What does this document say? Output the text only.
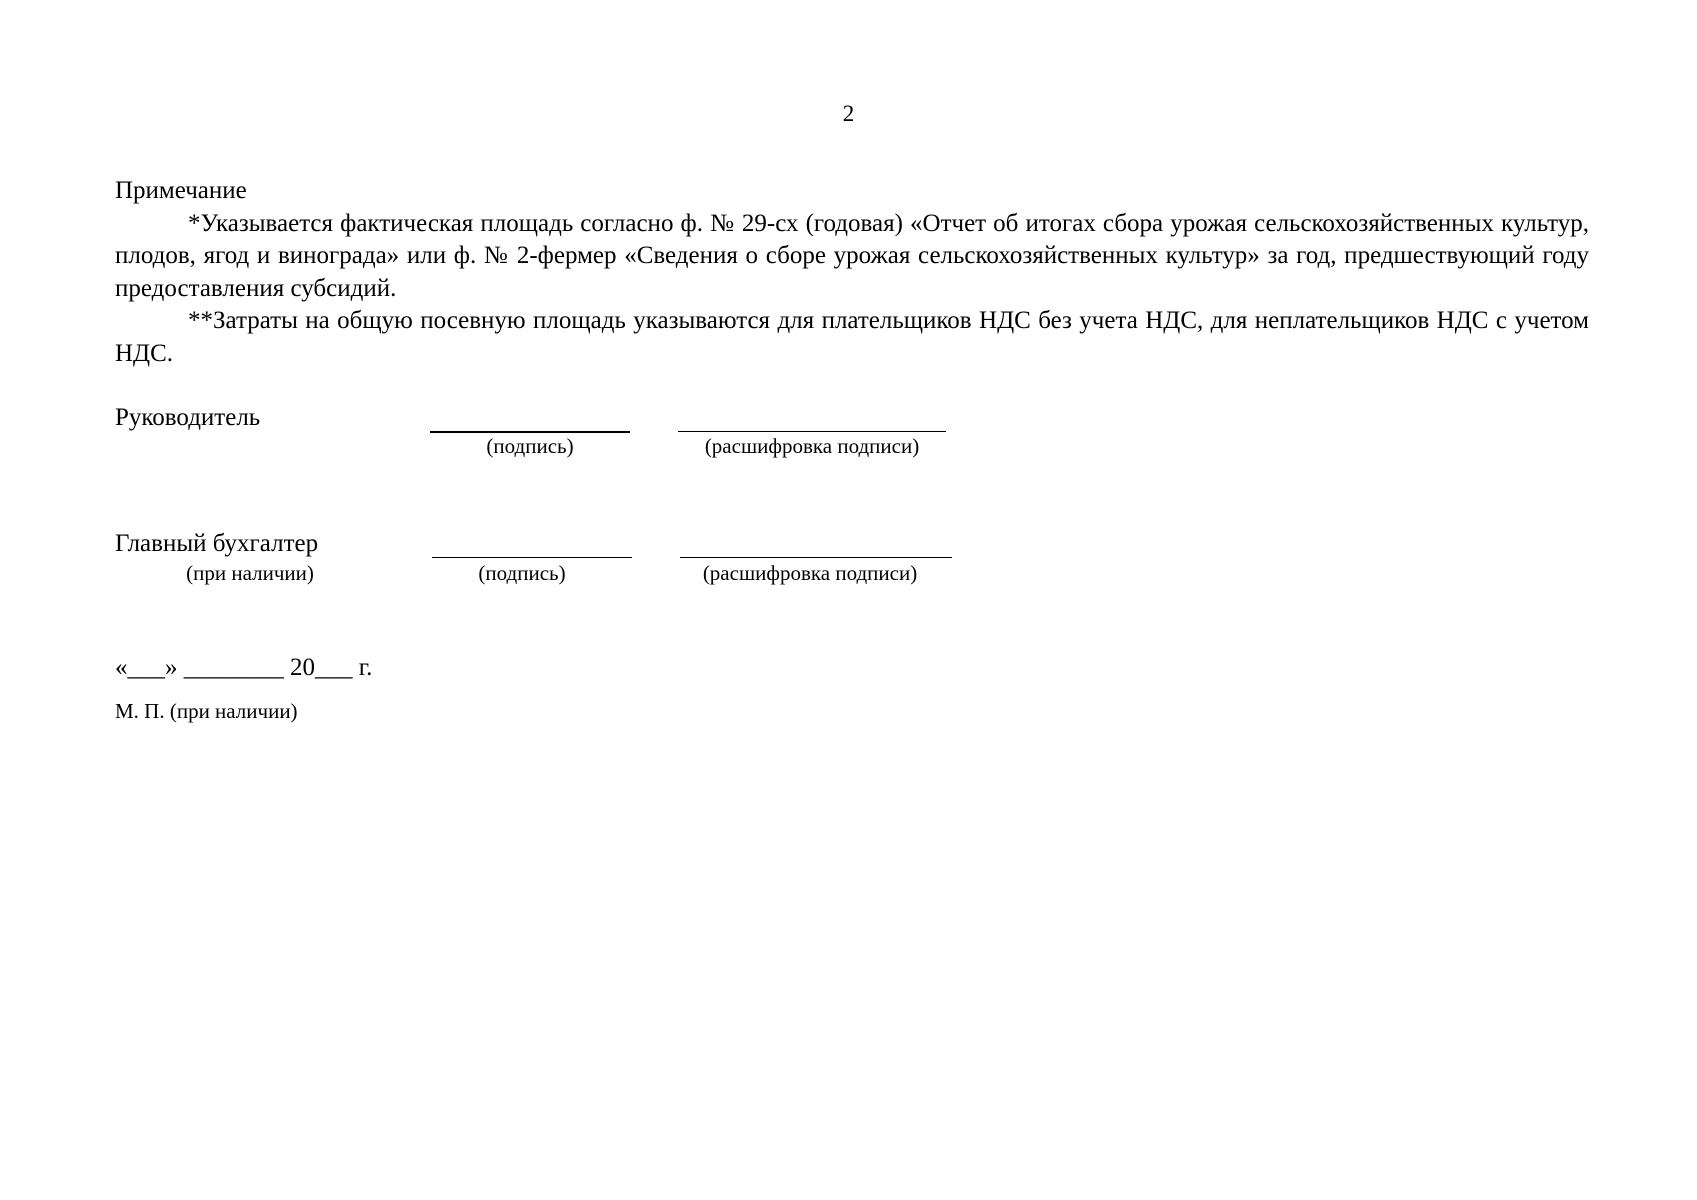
2

Примечание

*Указывается фактическая площадь согласно ф. № 29-сх (годовая) «Отчет об итогах сбора урожая сельскохозяйственных культур, плодов, ягод и винограда» или ф. № 2-фермер «Сведения о сборе урожая сельскохозяйственных культур» за год, предшествующий году предоставления субсидий.

**Затраты на общую посевную площадь указываются для плательщиков НДС без учета НДС, для неплательщиков НДС с учетом НДС.

Руководитель
(подпись)	(расшифровка подписи)
Главный бухгалтер
(при наличии)	(подпись)	(расшифровка подписи)
«___» ________ 20___ г.
М. П. (при наличии)
